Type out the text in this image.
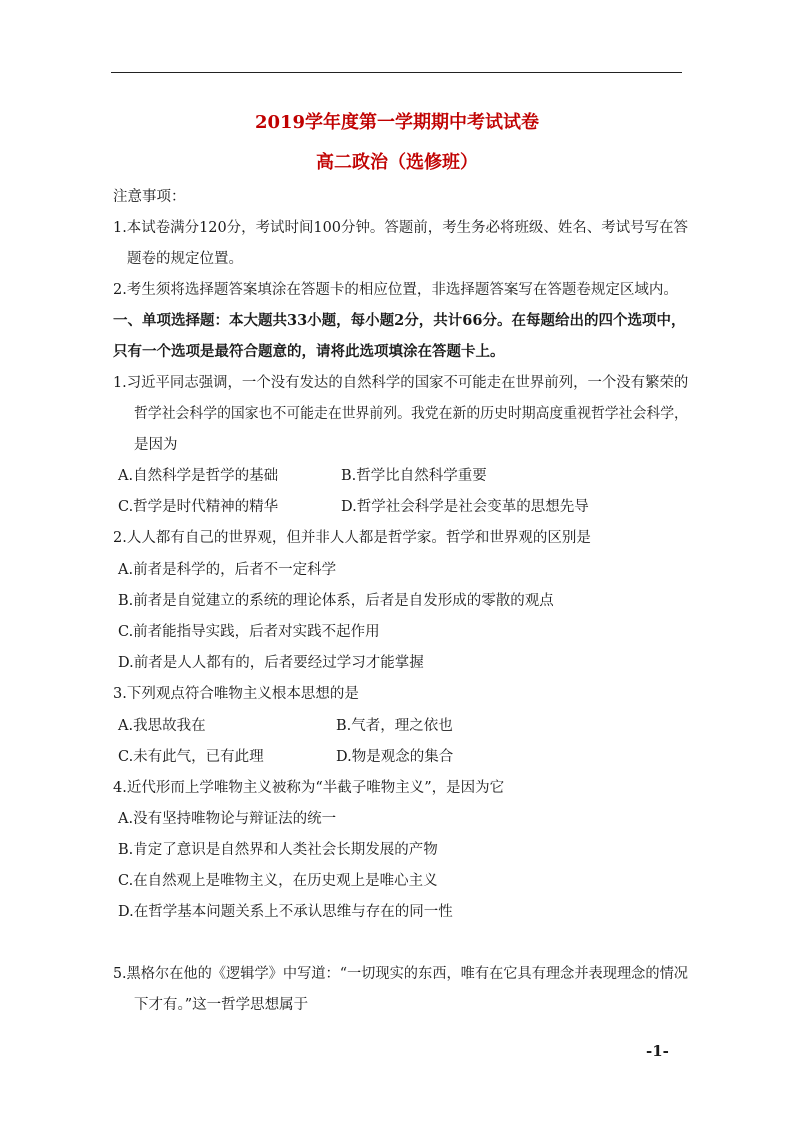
2019学年度第一学期期中考试试卷
高二政治（选修班）
注意事项：
1.本试卷满分120分，考试时间100分钟。答题前，考生务必将班级、姓名、考试号写在答
题卷的规定位置。
2.考生须将选择题答案填涂在答题卡的相应位置，非选择题答案写在答题卷规定区域内。
一、单项选择题：本大题共33小题，每小题2分，共计66分。在每题给出的四个选项中，
只有一个选项是最符合题意的，请将此选项填涂在答题卡上。
1.习近平同志强调，一个没有发达的自然科学的国家不可能走在世界前列，一个没有繁荣的
哲学社会科学的国家也不可能走在世界前列。我党在新的历史时期高度重视哲学社会科学，
是因为
A.自然科学是哲学的基础	B.哲学比自然科学重要
C.哲学是时代精神的精华	D.哲学社会科学是社会变革的思想先导
2.人人都有自己的世界观，但并非人人都是哲学家。哲学和世界观的区别是
A.前者是科学的，后者不一定科学
B.前者是自觉建立的系统的理论体系，后者是自发形成的零散的观点
C.前者能指导实践，后者对实践不起作用
D.前者是人人都有的，后者要经过学习才能掌握
3.下列观点符合唯物主义根本思想的是
A.我思故我在	B.气者，理之依也
C.未有此气，已有此理	D.物是观念的集合
4.近代形而上学唯物主义被称为“半截子唯物主义”，是因为它
A.没有坚持唯物论与辩证法的统一
B.肯定了意识是自然界和人类社会长期发展的产物
C.在自然观上是唯物主义，在历史观上是唯心主义
D.在哲学基本问题关系上不承认思维与存在的同一性
5.黑格尔在他的《逻辑学》中写道：“一切现实的东西，唯有在它具有理念并表现理念的情况
下才有。”这一哲学思想属于
-1-
